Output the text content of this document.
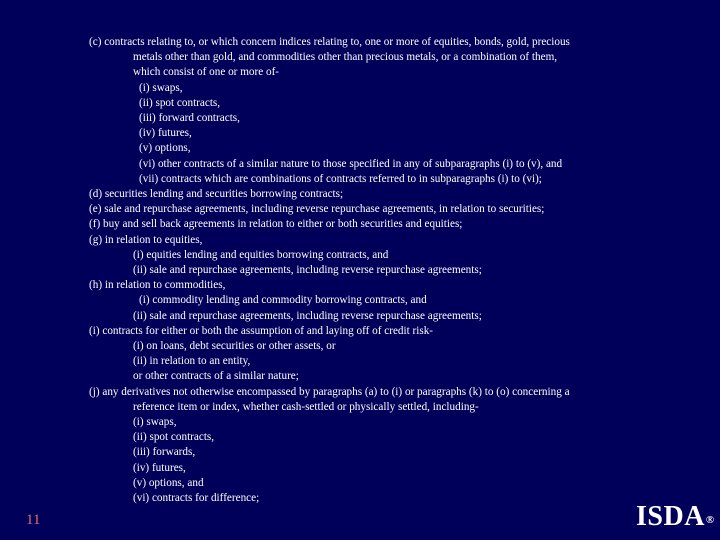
(c) contracts relating to, or which concern indices relating to, one or more of equities, bonds, gold, precious
metals other than gold, and commodities other than precious metals, or a combination of them,
which consist of one or more of-
(i) swaps,
(ii) spot contracts,
(iii) forward contracts,
(iv) futures,
(v) options,
(vi) other contracts of a similar nature to those specified in any of subparagraphs (i) to (v), and
(vii) contracts which are combinations of contracts referred to in subparagraphs (i) to (vi);
(d) securities lending and securities borrowing contracts;
(e) sale and repurchase agreements, including reverse repurchase agreements, in relation to securities;
(f) buy and sell back agreements in relation to either or both securities and equities;
(g) in relation to equities,
(i) equities lending and equities borrowing contracts, and
(ii) sale and repurchase agreements, including reverse repurchase agreements;
(h) in relation to commodities,
(i) commodity lending and commodity borrowing contracts, and
(ii) sale and repurchase agreements, including reverse repurchase agreements;
(i) contracts for either or both the assumption of and laying off of credit risk-
(i) on loans, debt securities or other assets, or
(ii) in relation to an entity,
or other contracts of a similar nature;
(j) any derivatives not otherwise encompassed by paragraphs (a) to (i) or paragraphs (k) to (o) concerning a
reference item or index, whether cash-settled or physically settled, including-
(i) swaps,
(ii) spot contracts,
(iii) forwards,
(iv) futures,
(v) options, and
(vi) contracts for difference;
11	ISDA®
